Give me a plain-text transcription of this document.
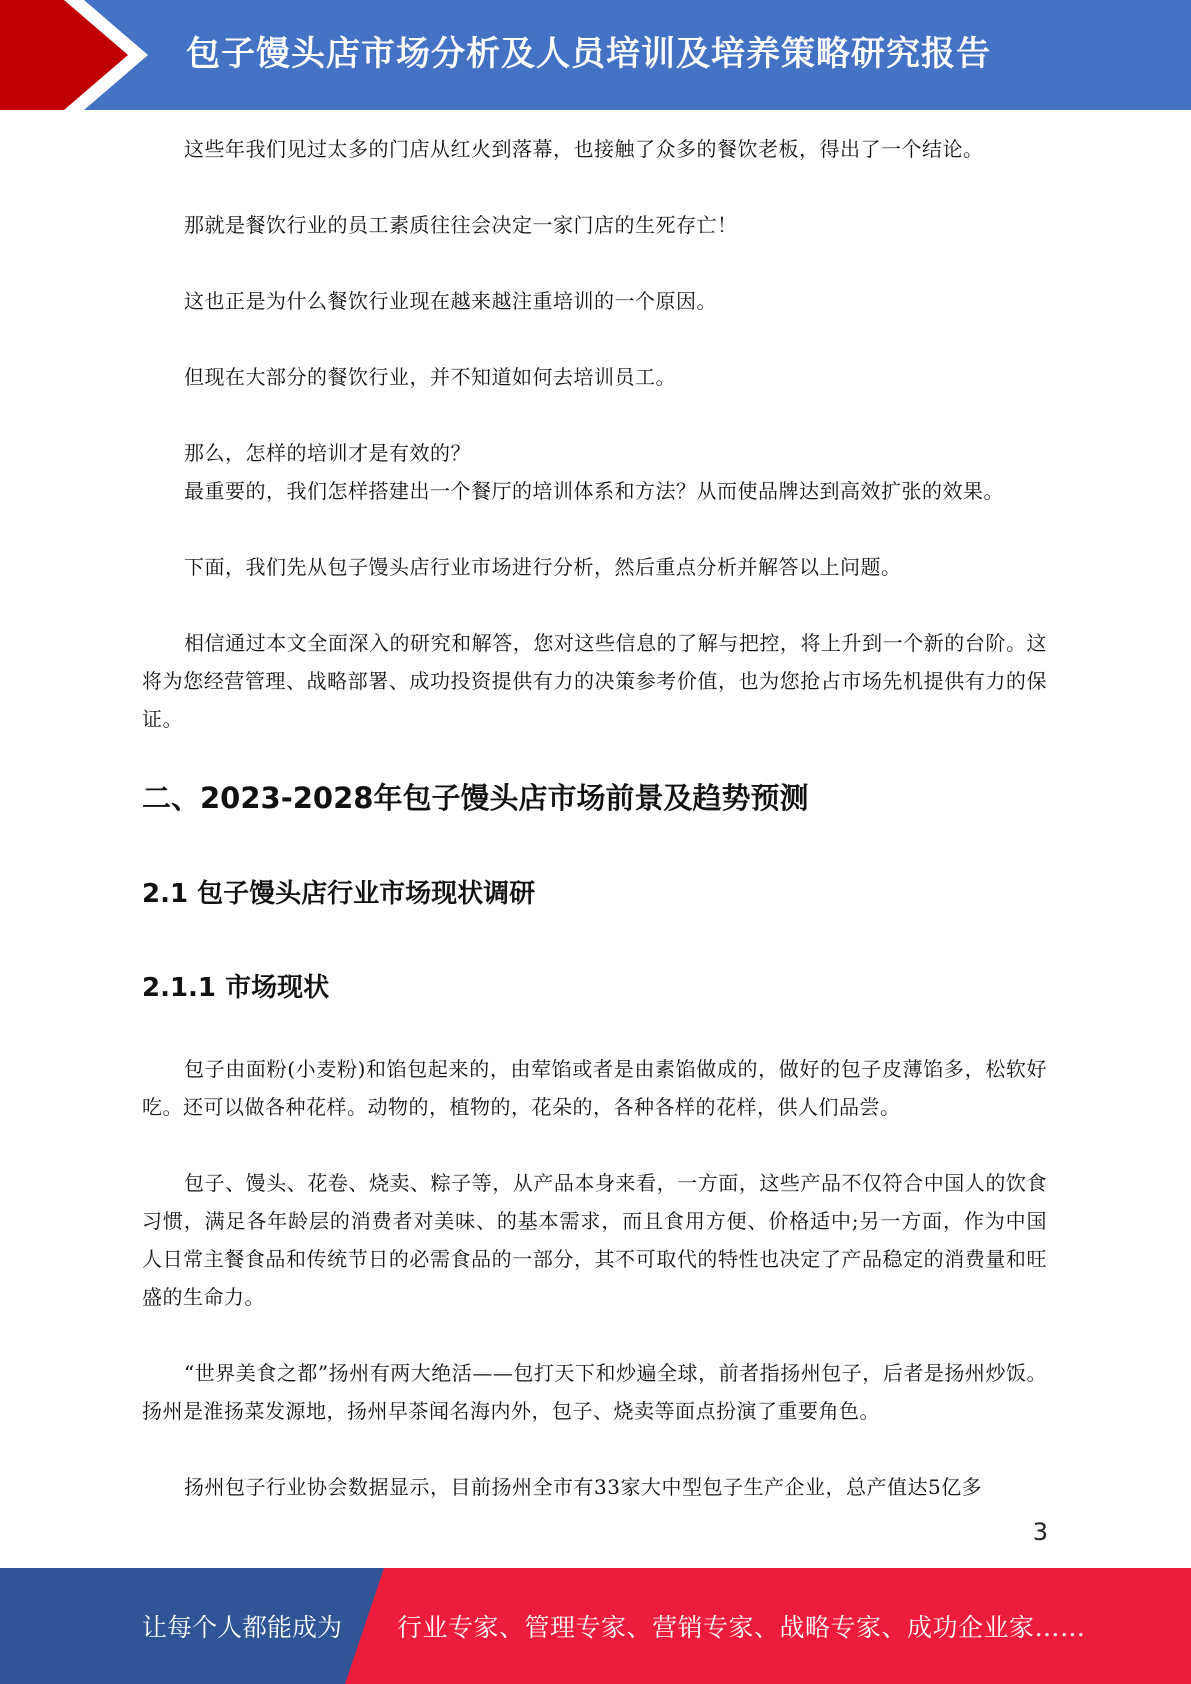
包子馒头店市场分析及人员培训及培养策略研究报告

这些年我们见过太多的门店从红火到落幕，也接触了众多的餐饮老板，得出了一个结论。

那就是餐饮行业的员工素质往往会决定一家门店的生死存亡！

这也正是为什么餐饮行业现在越来越注重培训的一个原因。

但现在大部分的餐饮行业，并不知道如何去培训员工。

那么，怎样的培训才是有效的？

最重要的，我们怎样搭建出一个餐厅的培训体系和方法？从而使品牌达到高效扩张的效果。

下面，我们先从包子馒头店行业市场进行分析，然后重点分析并解答以上问题。

相信通过本文全面深入的研究和解答，您对这些信息的了解与把控，将上升到一个新的台阶。这将为您经营管理、战略部署、成功投资提供有力的决策参考价值，也为您抢占市场先机提供有力的保证。

二、2023-2028年包子馒头店市场前景及趋势预测
2.1 包子馒头店行业市场现状调研
2.1.1 市场现状

包子由面粉(小麦粉)和馅包起来的，由荤馅或者是由素馅做成的，做好的包子皮薄馅多，松软好吃。还可以做各种花样。动物的，植物的，花朵的，各种各样的花样，供人们品尝。

包子、馒头、花卷、烧卖、粽子等，从产品本身来看，一方面，这些产品不仅符合中国人的饮食习惯，满足各年龄层的消费者对美味、的基本需求，而且食用方便、价格适中;另一方面，作为中国人日常主餐食品和传统节日的必需食品的一部分，其不可取代的特性也决定了产品稳定的消费量和旺盛的生命力。

“世界美食之都”扬州有两大绝活——包打天下和炒遍全球，前者指扬州包子，后者是扬州炒饭。扬州是淮扬菜发源地，扬州早茶闻名海内外，包子、烧卖等面点扮演了重要角色。

扬州包子行业协会数据显示，目前扬州全市有33家大中型包子生产企业，总产值达5亿多

3
让每个人都能成为 行业专家、管理专家、营销专家、战略专家、成功企业家……
